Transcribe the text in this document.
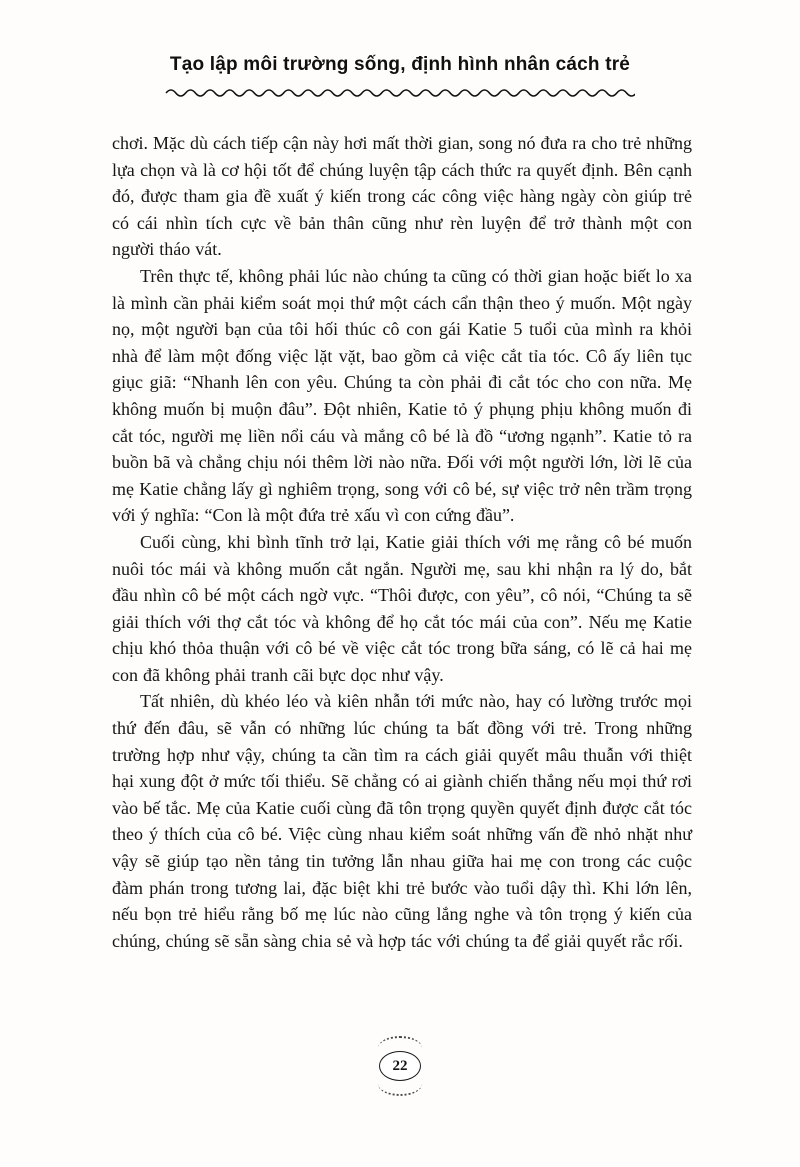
Tạo lập môi trường sống, định hình nhân cách trẻ

chơi. Mặc dù cách tiếp cận này hơi mất thời gian, song nó đưa ra cho trẻ những lựa chọn và là cơ hội tốt để chúng luyện tập cách thức ra quyết định. Bên cạnh đó, được tham gia đề xuất ý kiến trong các công việc hàng ngày còn giúp trẻ có cái nhìn tích cực về bản thân cũng như rèn luyện để trở thành một con người tháo vát.

Trên thực tế, không phải lúc nào chúng ta cũng có thời gian hoặc biết lo xa là mình cần phải kiểm soát mọi thứ một cách cẩn thận theo ý muốn. Một ngày nọ, một người bạn của tôi hối thúc cô con gái Katie 5 tuổi của mình ra khỏi nhà để làm một đống việc lặt vặt, bao gồm cả việc cắt tỉa tóc. Cô ấy liên tục giục giã: “Nhanh lên con yêu. Chúng ta còn phải đi cắt tóc cho con nữa. Mẹ không muốn bị muộn đâu”. Đột nhiên, Katie tỏ ý phụng phịu không muốn đi cắt tóc, người mẹ liền nổi cáu và mắng cô bé là đồ “ương ngạnh”. Katie tỏ ra buồn bã và chẳng chịu nói thêm lời nào nữa. Đối với một người lớn, lời lẽ của mẹ Katie chẳng lấy gì nghiêm trọng, song với cô bé, sự việc trở nên trầm trọng với ý nghĩa: “Con là một đứa trẻ xấu vì con cứng đầu”.

Cuối cùng, khi bình tĩnh trở lại, Katie giải thích với mẹ rằng cô bé muốn nuôi tóc mái và không muốn cắt ngắn. Người mẹ, sau khi nhận ra lý do, bắt đầu nhìn cô bé một cách ngờ vực. “Thôi được, con yêu”, cô nói, “Chúng ta sẽ giải thích với thợ cắt tóc và không để họ cắt tóc mái của con”. Nếu mẹ Katie chịu khó thỏa thuận với cô bé về việc cắt tóc trong bữa sáng, có lẽ cả hai mẹ con đã không phải tranh cãi bực dọc như vậy.

Tất nhiên, dù khéo léo và kiên nhẫn tới mức nào, hay có lường trước mọi thứ đến đâu, sẽ vẫn có những lúc chúng ta bất đồng với trẻ. Trong những trường hợp như vậy, chúng ta cần tìm ra cách giải quyết mâu thuẫn với thiệt hại xung đột ở mức tối thiểu. Sẽ chẳng có ai giành chiến thắng nếu mọi thứ rơi vào bế tắc. Mẹ của Katie cuối cùng đã tôn trọng quyền quyết định được cắt tóc theo ý thích của cô bé. Việc cùng nhau kiểm soát những vấn đề nhỏ nhặt như vậy sẽ giúp tạo nền tảng tin tưởng lẫn nhau giữa hai mẹ con trong các cuộc đàm phán trong tương lai, đặc biệt khi trẻ bước vào tuổi dậy thì. Khi lớn lên, nếu bọn trẻ hiểu rằng bố mẹ lúc nào cũng lắng nghe và tôn trọng ý kiến của chúng, chúng sẽ sẵn sàng chia sẻ và hợp tác với chúng ta để giải quyết rắc rối.

22
